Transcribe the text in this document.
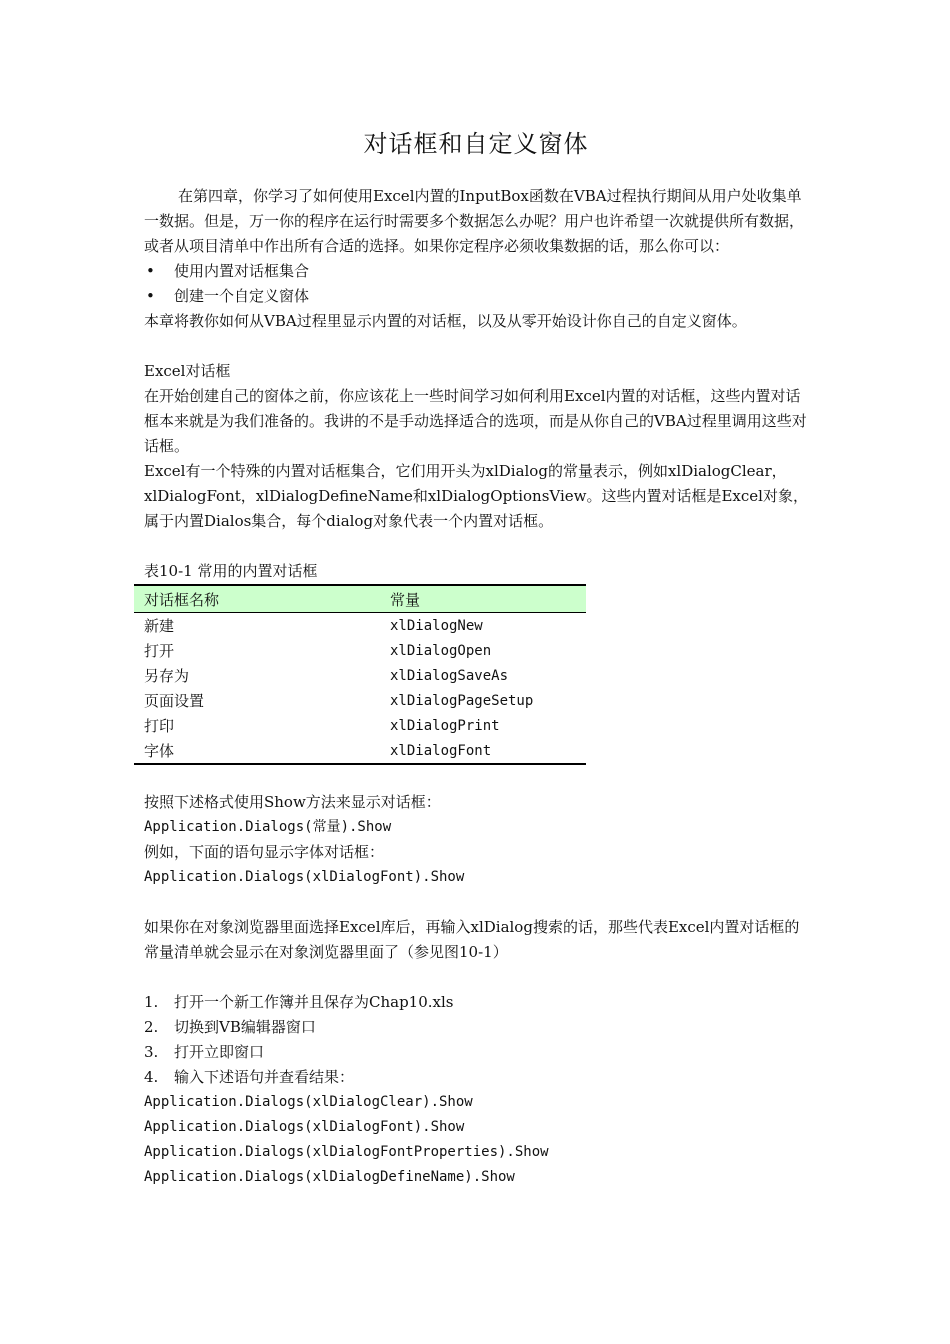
对话框和自定义窗体

在第四章，你学习了如何使用Excel内置的InputBox函数在VBA过程执行期间从用户处收集单一数据。但是，万一你的程序在运行时需要多个数据怎么办呢？用户也许希望一次就提供所有数据，或者从项目清单中作出所有合适的选择。如果你定程序必须收集数据的话，那么你可以：

•	使用内置对话框集合
•	创建一个自定义窗体

本章将教你如何从VBA过程里显示内置的对话框，以及从零开始设计你自己的自定义窗体。

Excel对话框

在开始创建自己的窗体之前，你应该花上一些时间学习如何利用Excel内置的对话框，这些内置对话框本来就是为我们准备的。我讲的不是手动选择适合的选项，而是从你自己的VBA过程里调用这些对话框。

Excel有一个特殊的内置对话框集合，它们用开头为xlDialog的常量表示，例如xlDialogClear，xlDialogFont，xlDialogDefineName和xlDialogOptionsView。这些内置对话框是Excel对象，属于内置Dialos集合，每个dialog对象代表一个内置对话框。

表10-1 常用的内置对话框

对话框名称	常量
新建	xlDialogNew
打开	xlDialogOpen
另存为	xlDialogSaveAs
页面设置	xlDialogPageSetup
打印	xlDialogPrint
字体	xlDialogFont

按照下述格式使用Show方法来显示对话框：

Application.Dialogs(常量).Show

例如，下面的语句显示字体对话框：

Application.Dialogs(xlDialogFont).Show

如果你在对象浏览器里面选择Excel库后，再输入xlDialog搜索的话，那些代表Excel内置对话框的常量清单就会显示在对象浏览器里面了（参见图10-1）

1.	打开一个新工作簿并且保存为Chap10.xls
2.	切换到VB编辑器窗口
3.	打开立即窗口
4.	输入下述语句并查看结果：

Application.Dialogs(xlDialogClear).Show

Application.Dialogs(xlDialogFont).Show

Application.Dialogs(xlDialogFontProperties).Show

Application.Dialogs(xlDialogDefineName).Show
